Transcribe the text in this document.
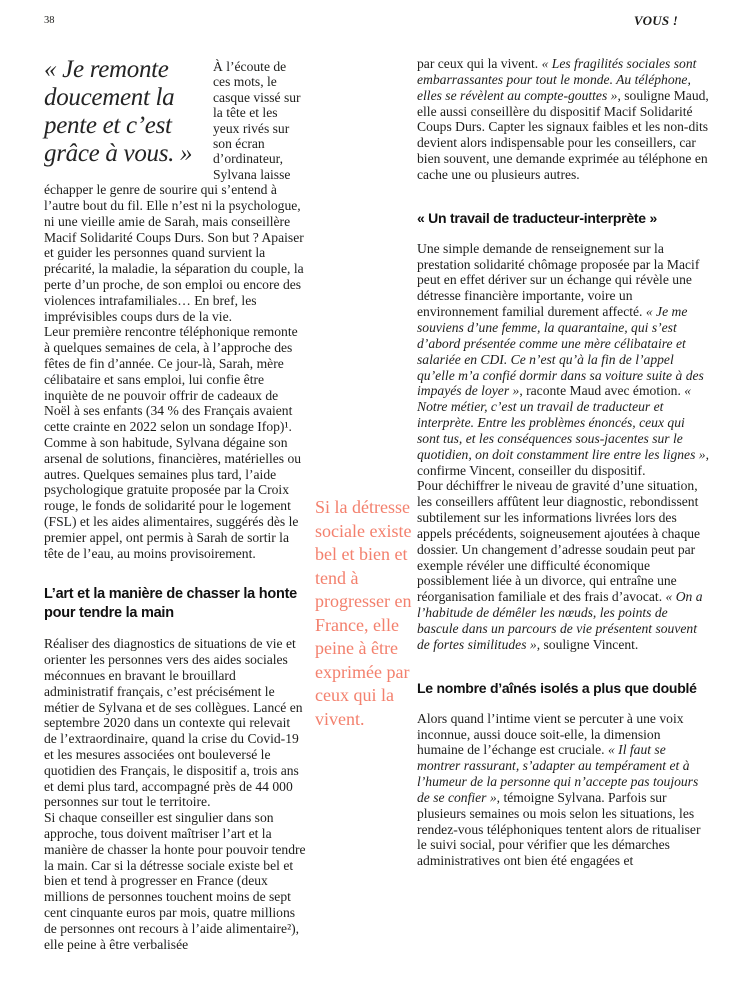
38	VOUS !
« Je remonte doucement la pente et c’est grâce à vous. »
À l’écoute de ces mots, le casque vissé sur la tête et les yeux rivés sur son écran d’ordinateur, Sylvana laisse

échapper le genre de sourire qui s’entend à l’autre bout du fil. Elle n’est ni la psychologue, ni une vieille amie de Sarah, mais conseillère Macif Solidarité Coups Durs. Son but ? Apaiser et guider les personnes quand survient la précarité, la maladie, la séparation du couple, la perte d’un proche, de son emploi ou encore des violences intrafamiliales… En bref, les imprévisibles coups durs de la vie.

Leur première rencontre téléphonique remonte à quelques semaines de cela, à l’approche des fêtes de fin d’année. Ce jour-là, Sarah, mère célibataire et sans emploi, lui confie être inquiète de ne pouvoir offrir de cadeaux de Noël à ses enfants (34 % des Français avaient cette crainte en 2022 selon un sondage Ifop)¹. Comme à son habitude, Sylvana dégaine son arsenal de solutions, financières, matérielles ou autres. Quelques semaines plus tard, l’aide psychologique gratuite proposée par la Croix rouge, le fonds de solidarité pour le logement (FSL) et les aides alimentaires, suggérés dès le premier appel, ont permis à Sarah de sortir la tête de l’eau, au moins provisoirement.

L’art et la manière de chasser la honte pour tendre la main

Réaliser des diagnostics de situations de vie et orienter les personnes vers des aides sociales méconnues en bravant le brouillard administratif français, c’est précisément le métier de Sylvana et de ses collègues. Lancé en septembre 2020 dans un contexte qui relevait de l’extraordinaire, quand la crise du Covid-19 et les mesures associées ont bouleversé le quotidien des Français, le dispositif a, trois ans et demi plus tard, accompagné près de 44 000 personnes sur tout le territoire.

Si chaque conseiller est singulier dans son approche, tous doivent maîtriser l’art et la manière de chasser la honte pour pouvoir tendre la main. Car si la détresse sociale existe bel et bien et tend à progresser en France (deux millions de personnes touchent moins de sept cent cinquante euros par mois, quatre millions de personnes ont recours à l’aide alimentaire²), elle peine à être verbalisée

Si la détresse sociale existe bel et bien et tend à progresser en France, elle peine à être exprimée par ceux qui la vivent.

par ceux qui la vivent. « Les fragilités sociales sont embarrassantes pour tout le monde. Au téléphone, elles se révèlent au compte-gouttes », souligne Maud, elle aussi conseillère du dispositif Macif Solidarité Coups Durs. Capter les signaux faibles et les non-dits devient alors indispensable pour les conseillers, car bien souvent, une demande exprimée au téléphone en cache une ou plusieurs autres.

« Un travail de traducteur-interprète »

Une simple demande de renseignement sur la prestation solidarité chômage proposée par la Macif peut en effet dériver sur un échange qui révèle une détresse financière importante, voire un environnement familial durement affecté. « Je me souviens d’une femme, la quarantaine, qui s’est d’abord présentée comme une mère célibataire et salariée en CDI. Ce n’est qu’à la fin de l’appel qu’elle m’a confié dormir dans sa voiture suite à des impayés de loyer », raconte Maud avec émotion. « Notre métier, c’est un travail de traducteur et interprète. Entre les problèmes énoncés, ceux qui sont tus, et les conséquences sous-jacentes sur le quotidien, on doit constamment lire entre les lignes », confirme Vincent, conseiller du dispositif.

Pour déchiffrer le niveau de gravité d’une situation, les conseillers affûtent leur diagnostic, rebondissent subtilement sur les informations livrées lors des appels précédents, soigneusement ajoutées à chaque dossier. Un changement d’adresse soudain peut par exemple révéler une difficulté économique possiblement liée à un divorce, qui entraîne une réorganisation familiale et des frais d’avocat. « On a l’habitude de démêler les nœuds, les points de bascule dans un parcours de vie présentent souvent de fortes similitudes », souligne Vincent.

Le nombre d’aînés isolés a plus que doublé

Alors quand l’intime vient se percuter à une voix inconnue, aussi douce soit-elle, la dimension humaine de l’échange est cruciale. « Il faut se montrer rassurant, s’adapter au tempérament et à l’humeur de la personne qui n’accepte pas toujours de se confier », témoigne Sylvana. Parfois sur plusieurs semaines ou mois selon les situations, les rendez-vous téléphoniques tentent alors de ritualiser le suivi social, pour vérifier que les démarches administratives ont bien été engagées et
